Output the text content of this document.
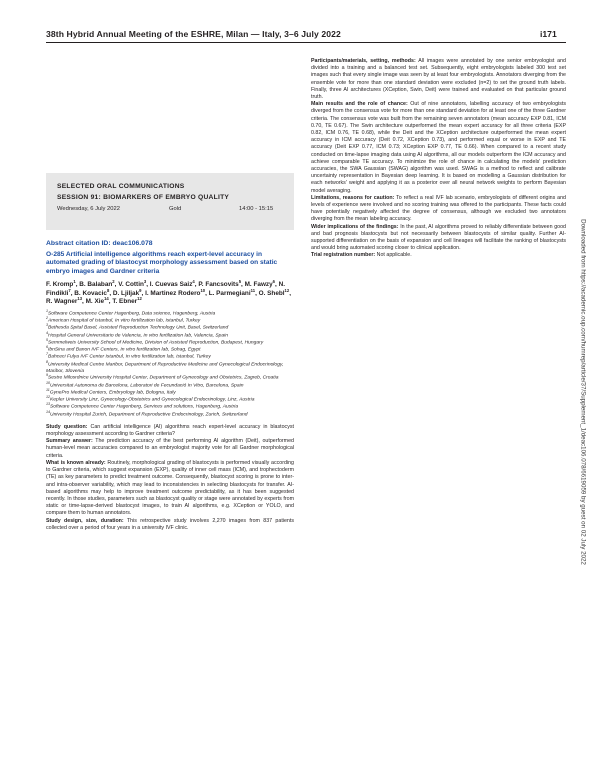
38th Hybrid Annual Meeting of the ESHRE, Milan — Italy, 3–6 July 2022	i171
SELECTED ORAL COMMUNICATIONS
SESSION 91: BIOMARKERS OF EMBRYO QUALITY
Wednesday, 6 July 2022	Gold	14:00 - 15:15
Abstract citation ID: deac106.078
O-285 Artificial intelligence algorithms reach expert-level accuracy in automated grading of blastocyst morphology assessment based on static embryo images and Gardner criteria
F. Kromp$^1$, B. Balaban$^2$, V. Cottin$^3$, I. Cuevas Saiz$^4$, P. Fancsovits$^5$, M. Fawzy$^6$, N. Findikli$^7$, B. Kovacic$^8$, D. Ljiljak$^9$, I. Martinez Rodero$^{10}$, L. Parmegiani$^{11}$, O. Shebl$^{12}$, R. Wagner$^{13}$, M. Xie$^{14}$, T. Ebner$^{12}$
$^1$Software Competence Center Hagenberg, Data science, Hagenberg, Austria
$^2$American Hospital of Istanbul, In vitro fertilization lab, Istanbul, Turkey
$^3$Bethesda Spital Basel, Assisted Reproduction Technology Unit, Basel, Switzerland
$^4$Hospital General Universitario de Valencia, In vitro fertilization lab, Valencia, Spain
$^5$Semmelweis University School of Medicine, Division of Assisted Reproduction, Budapest, Hungary
$^6$IbnSina and Banon IVF Centers, In vitro fertilization lab, Sohag, Egypt
$^7$Bahceci Fulya IVF Center Istanbul, In vitro fertilization lab, Istanbul, Turkey
$^8$University Medical Centre Maribor, Department of Reproductive Medicine and Gynecological Endocrinology, Maribor, Slovenia
$^9$Sestre Milosrdnice University Hospital Center, Department of Gynecology and Obstetrics, Zagreb, Croatia
$^{10}$Universitat Autonoma de Barcelona, Laboratori de Fecundació In Vitro, Barcelona, Spain
$^{11}$GynePro Medical Centers, Embryology lab, Bologna, Italy
$^{12}$Kepler University Linz, Gynecology-Obstetrics and Gynecological Endocrinology, Linz, Austria
$^{13}$Software Competence Center Hagenberg, Services and solutions, Hagenberg, Austria
$^{14}$University Hospital Zurich, Department of Reproductive Endocrinology, Zurich, Switzerland

Study question: Can artificial intelligence (AI) algorithms reach expert-level accuracy in blastocyst morphology assessment according to Gardner criteria?

Summary answer: The prediction accuracy of the best performing AI algorithm (Deit), outperformed human-level mean accuracies compared to an embryologist majority vote for all Gardner morphological criteria.

What is known already: Routinely, morphological grading of blastocysts is performed visually according to Gardner criteria, which suggest expansion (EXP), quality of inner cell mass (ICM), and trophectoderm (TE) as key parameters to predict treatment outcome. Consequently, blastocyst scoring is prone to inter-and intra-observer variability, which may lead to inconsistencies in selecting blastocysts for transfer. AI-based algorithms may help to improve treatment outcome predictability, as it has been suggested recently. In those studies, parameters such as blastocyst quality or stage were annotated by experts from static or time-lapse-derived blastocyst images, to train AI algorithms, e.g. XCeption or YOLO, and compare them to human annotators.

Study design, size, duration: This retrospective study involves 2,270 images from 837 patients collected over a period of four years in a university IVF clinic.

Participants/materials, setting, methods: All images were annotated by one senior embryologist and divided into a training and a balanced test set. Subsequently, eight embryologists labeled 300 test set images such that every single image was seen by at least four embryologists. Annotators diverging from the ensemble vote for more than one standard deviation were excluded (n=2) to set the ground truth labels. Finally, three AI architectures (XCeption, Swin, Deit) were trained and evaluated on that particular ground truth.

Main results and the role of chance: Out of nine annotators, labelling accuracy of two embryologists diverged from the consensus vote for more than one standard deviation for at least one of the three Gardner criteria. The consensus vote was built from the remaining seven annotators (mean accuracy EXP 0.81, ICM 0.70, TE 0.67). The Swin architecture outperformed the mean expert accuracy for all three criteria (EXP 0.82, ICM 0.76, TE 0.68), while the Deit and the XCeption architecture outperformed the mean expert accuracy in ICM accuracy (Deit 0.72, XCeption 0.73), and performed equal or worse in EXP and TE accuracy (Deit EXP 0.77, ICM 0.73; XCeption EXP 0.77, TE 0.66). When compared to a recent study conducted on time-lapse imaging data using AI algorithms, all our models outperform the ICM accuracy and achieve comparable TE accuracy. To minimize the role of chance in calculating the models' prediction accuracies, the SWA Gaussian (SWAG) algorithm was used. SWAG is a method to reflect and calibrate uncertainty representation in Bayesian deep learning. It is based on modelling a Gaussian distribution for each networks' weight and applying it as a posterior over all neural network weights to perform Bayesian model averaging.

Limitations, reasons for caution: To reflect a real IVF lab scenario, embryologists of different origins and levels of experience were involved and no scoring training was offered to the participants. These facts could have potentially negatively affected the degree of consensus, although we excluded two annotators diverging from the mean labeling accuracy.

Wider implications of the findings: In the past, AI algorithms proved to reliably differentiate between good and bad prognosis blastocysts but not necessarily between blastocysts of similar quality. Further AI-supported differentiation on the basis of expansion and cell lineages will facilitate the ranking of blastocysts and would bring automated scoring closer to clinical application.

Trial registration number: Not applicable.	Downloaded from https://academic.oup.com/humrep/article/37/Supplement_1/deac106.078/6619059 by guest on 02 July 2022
